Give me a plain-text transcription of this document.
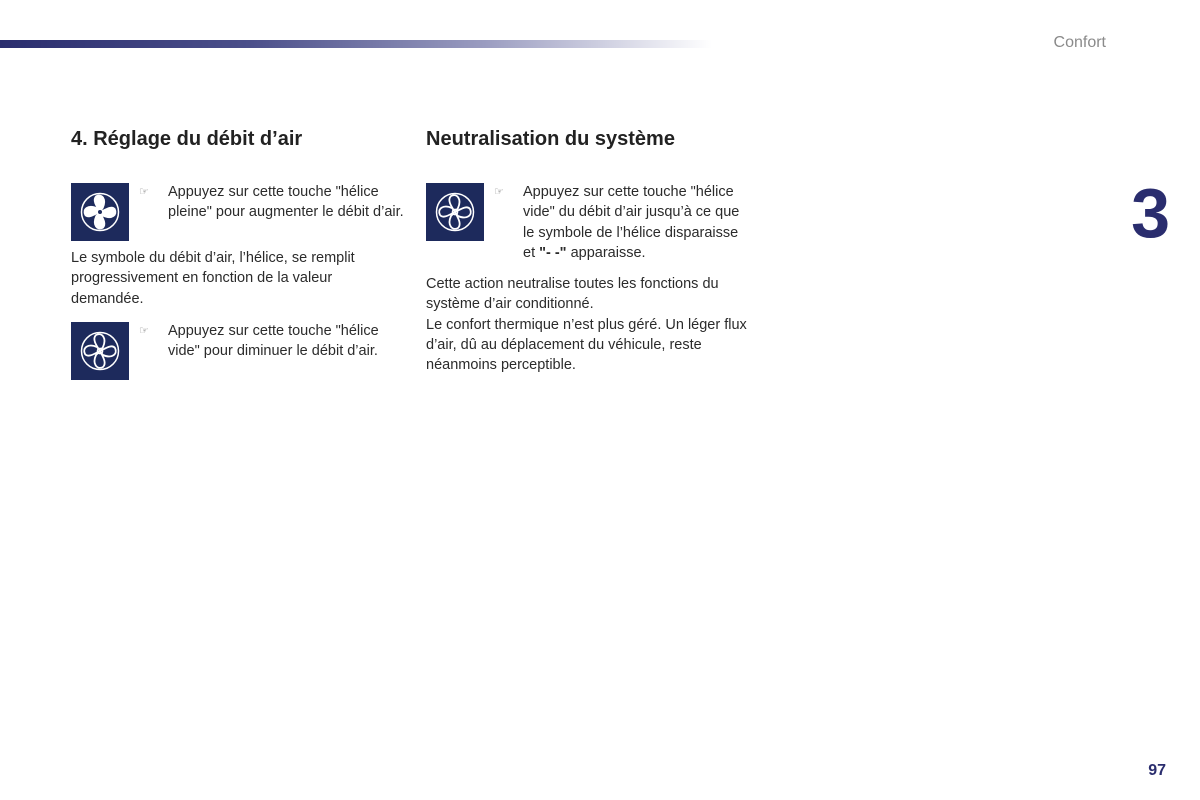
Confort
3
4. Réglage du débit d’air
☞ Appuyez sur cette touche "hélice pleine" pour augmenter le débit d’air.

Le symbole du débit d’air, l’hélice, se remplit progressivement en fonction de la valeur demandée.

☞ Appuyez sur cette touche "hélice vide" pour diminuer le débit d’air.
Neutralisation du système
☞ Appuyez sur cette touche "hélice vide" du débit d’air jusqu’à ce que le symbole de l’hélice disparaisse et "- -" apparaisse.

Cette action neutralise toutes les fonctions du système d’air conditionné.
Le confort thermique n’est plus géré. Un léger flux d’air, dû au déplacement du véhicule, reste néanmoins perceptible.

97
